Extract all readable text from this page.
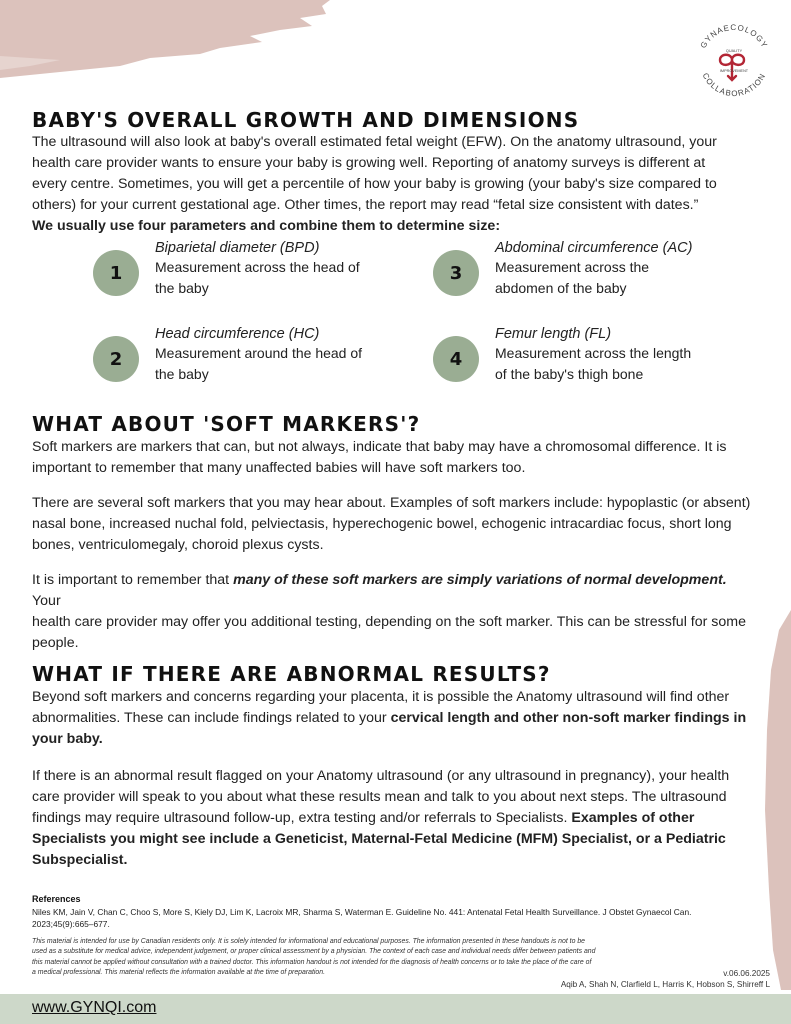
GYNAECOLOGY
COLLABORATION
QUALITY
IMPROVEMENT
BABY'S OVERALL GROWTH AND DIMENSIONS
The ultrasound will also look at baby's overall estimated fetal weight (EFW). On the anatomy ultrasound, your
health care provider wants to ensure your baby is growing well. Reporting of anatomy surveys is different at
every centre. Sometimes, you will get a percentile of how your baby is growing (your baby's size compared to
others) for your current gestational age. Other times, the report may read “fetal size consistent with dates.”
We usually use four parameters and combine them to determine size:
1
Biparietal diameter (BPD)
Measurement across the head of
the baby
2
Head circumference (HC)
Measurement around the head of
the baby
3
Abdominal circumference (AC)
Measurement across the
abdomen of the baby
4
Femur length (FL)
Measurement across the length
of the baby's thigh bone
WHAT ABOUT 'SOFT MARKERS'?
Soft markers are markers that can, but not always, indicate that baby may have a chromosomal difference. It is
important to remember that many unaffected babies will have soft markers too.
There are several soft markers that you may hear about. Examples of soft markers include: hypoplastic (or absent)
nasal bone, increased nuchal fold, pelviectasis, hyperechogenic bowel, echogenic intracardiac focus, short long
bones, ventriculomegaly, choroid plexus cysts.
It is important to remember that many of these soft markers are simply variations of normal development. Your
health care provider may offer you additional testing, depending on the soft marker. This can be stressful for some
people.
WHAT IF THERE ARE ABNORMAL RESULTS?
Beyond soft markers and concerns regarding your placenta, it is possible the Anatomy ultrasound will find other
abnormalities. These can include findings related to your cervical length and other non-soft marker findings in
your baby.
If there is an abnormal result flagged on your Anatomy ultrasound (or any ultrasound in pregnancy), your health
care provider will speak to you about what these results mean and talk to you about next steps. The ultrasound
findings may require ultrasound follow-up, extra testing and/or referrals to Specialists. Examples of other
Specialists you might see include a Geneticist, Maternal-Fetal Medicine (MFM) Specialist, or a Pediatric
Subspecialist.
References
Niles KM, Jain V, Chan C, Choo S, More S, Kiely DJ, Lim K, Lacroix MR, Sharma S, Waterman E. Guideline No. 441: Antenatal Fetal Health Surveillance. J Obstet Gynaecol Can. 2023;45(9):665–677.
This material is intended for use by Canadian residents only. It is solely intended for informational and educational purposes. The information presented in these handouts is not to be used as a substitute for medical advice, independent judgement, or proper clinical assessment by a physician. The context of each case and individual needs differ between patients and this material cannot be applied without consultation with a trained doctor. This information handout is not intended for the diagnosis of health concerns or to take the place of the care of a medical professional. This material reflects the information available at the time of preparation.	v.06.06.2025
Aqib A, Shah N, Clarfield L, Harris K, Hobson S, Shirreff L
www.GYNQI.com
